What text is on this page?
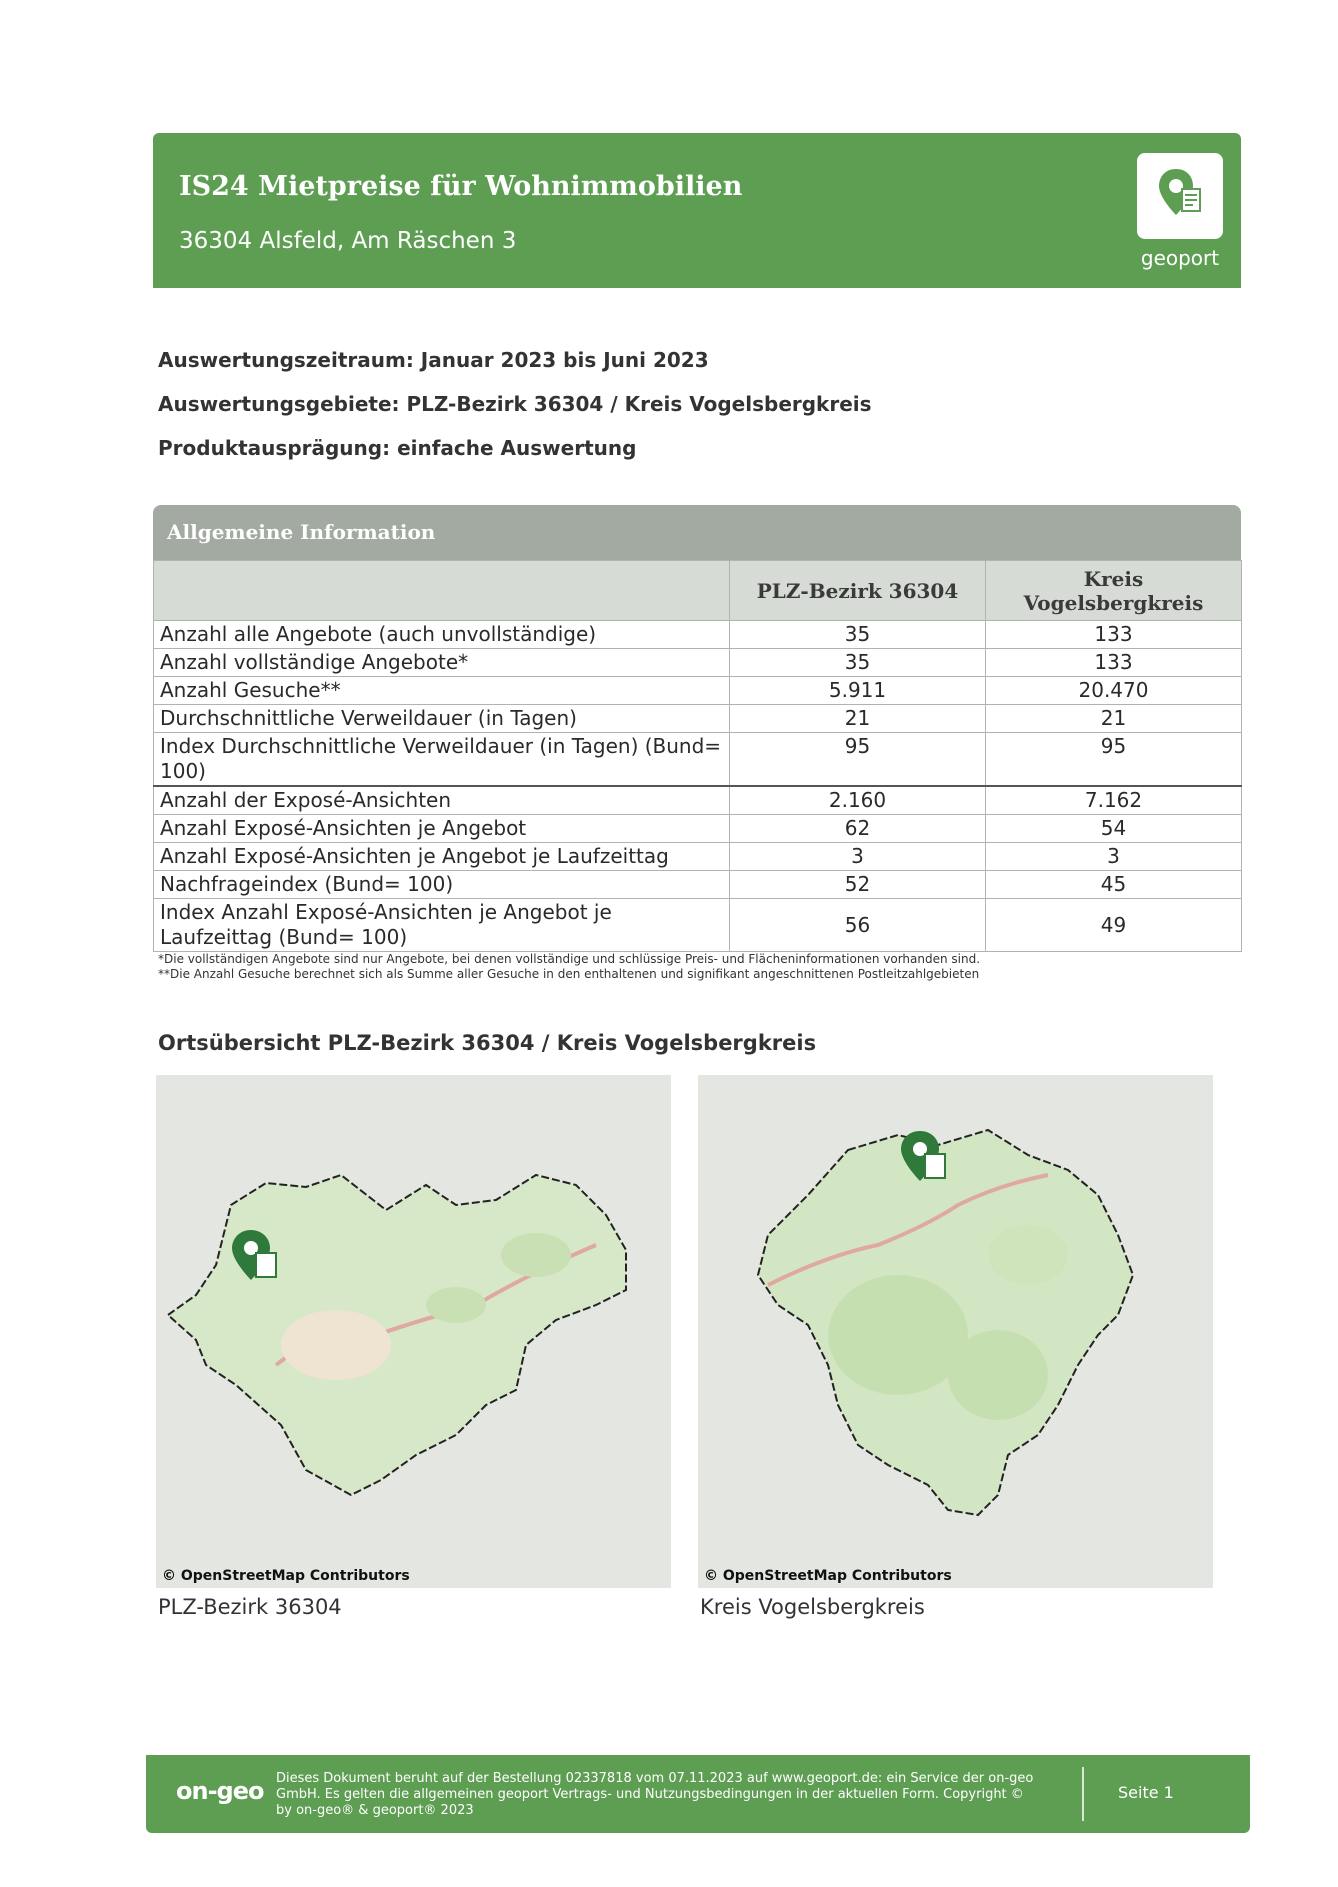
IS24 Mietpreise für Wohnimmobilien
36304 Alsfeld, Am Räschen 3
geoport
Auswertungszeitraum: Januar 2023 bis Juni 2023
Auswertungsgebiete: PLZ-Bezirk 36304 / Kreis Vogelsbergkreis
Produktausprägung: einfache Auswertung
Allgemeine Information
	PLZ-Bezirk 36304	Kreis
Vogelsbergkreis
Anzahl alle Angebote (auch unvollständige)	35	133
Anzahl vollständige Angebote*	35	133
Anzahl Gesuche**	5.911	20.470
Durchschnittliche Verweildauer (in Tagen)	21	21
Index Durchschnittliche Verweildauer (in Tagen) (Bund= 100)	95	95
Anzahl der Exposé-Ansichten	2.160	7.162
Anzahl Exposé-Ansichten je Angebot	62	54
Anzahl Exposé-Ansichten je Angebot je Laufzeittag	3	3
Nachfrageindex (Bund= 100)	52	45
Index Anzahl Exposé-Ansichten je Angebot je Laufzeittag (Bund= 100)	56	49
*Die vollständigen Angebote sind nur Angebote, bei denen vollständige und schlüssige Preis- und Flächeninformationen vorhanden sind.
**Die Anzahl Gesuche berechnet sich als Summe aller Gesuche in den enthaltenen und signifikant angeschnittenen Postleitzahlgebieten
Ortsübersicht PLZ-Bezirk 36304 / Kreis Vogelsbergkreis
© OpenStreetMap Contributors
PLZ-Bezirk 36304
© OpenStreetMap Contributors
Kreis Vogelsbergkreis
on-geo Dieses Dokument beruht auf der Bestellung 02337818 vom 07.11.2023 auf www.geoport.de: ein Service der on-geo GmbH. Es gelten die allgemeinen geoport Vertrags- und Nutzungsbedingungen in der aktuellen Form. Copyright © by on-geo® & geoport® 2023
Seite 1
